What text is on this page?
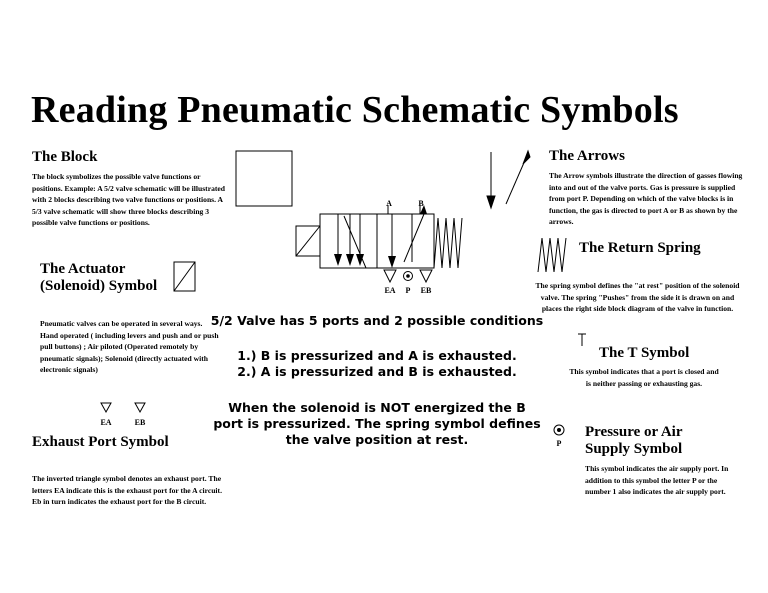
Reading Pneumatic Schematic Symbols
The Block
The block symbolizes the possible valve functions or positions. Example: A 5/2 valve schematic will be illustrated with 2 blocks describing two valve functions or positions. A 5/3 valve schematic will show three blocks describing 3 possible valve functions or positions.
The Actuator
(Solenoid) Symbol
Pneumatic valves can be operated in several ways. Hand operated ( including levers and push and or push pull buttons) ; Air piloted (Operated remotely by pneumatic signals); Solenoid (directly actuated with electronic signals)
EA	EB
Exhaust Port Symbol
The inverted triangle symbol denotes an exhaust port. The letters EA indicate this is the exhaust port for the A circuit. Eb in turn indicates the exhaust port for the B circuit.
A	B
EA	P	EB
5/2 Valve has 5 ports and 2 possible conditions
1.) B is pressurized and A is exhausted.
2.) A is pressurized and B is exhausted.
When the solenoid is NOT energized the B port is pressurized. The spring symbol defines the valve position at rest.
The Arrows
The Arrow symbols illustrate the direction of gasses flowing into and out of the valve ports. Gas is pressure is supplied from port P. Depending on which of the valve blocks is in function, the gas is directed to port A or B as shown by the arrows.
The Return Spring
The spring symbol defines the "at rest" position of the solenoid valve. The spring "Pushes" from the side it is drawn on and places the right side block diagram of the valve in function.
The T Symbol
This symbol indicates that a port is closed and is neither passing or exhausting gas.
P
Pressure or Air
Supply Symbol
This symbol indicates the air supply port. In addition to this symbol the letter P or the number 1 also indicates the air supply port.
